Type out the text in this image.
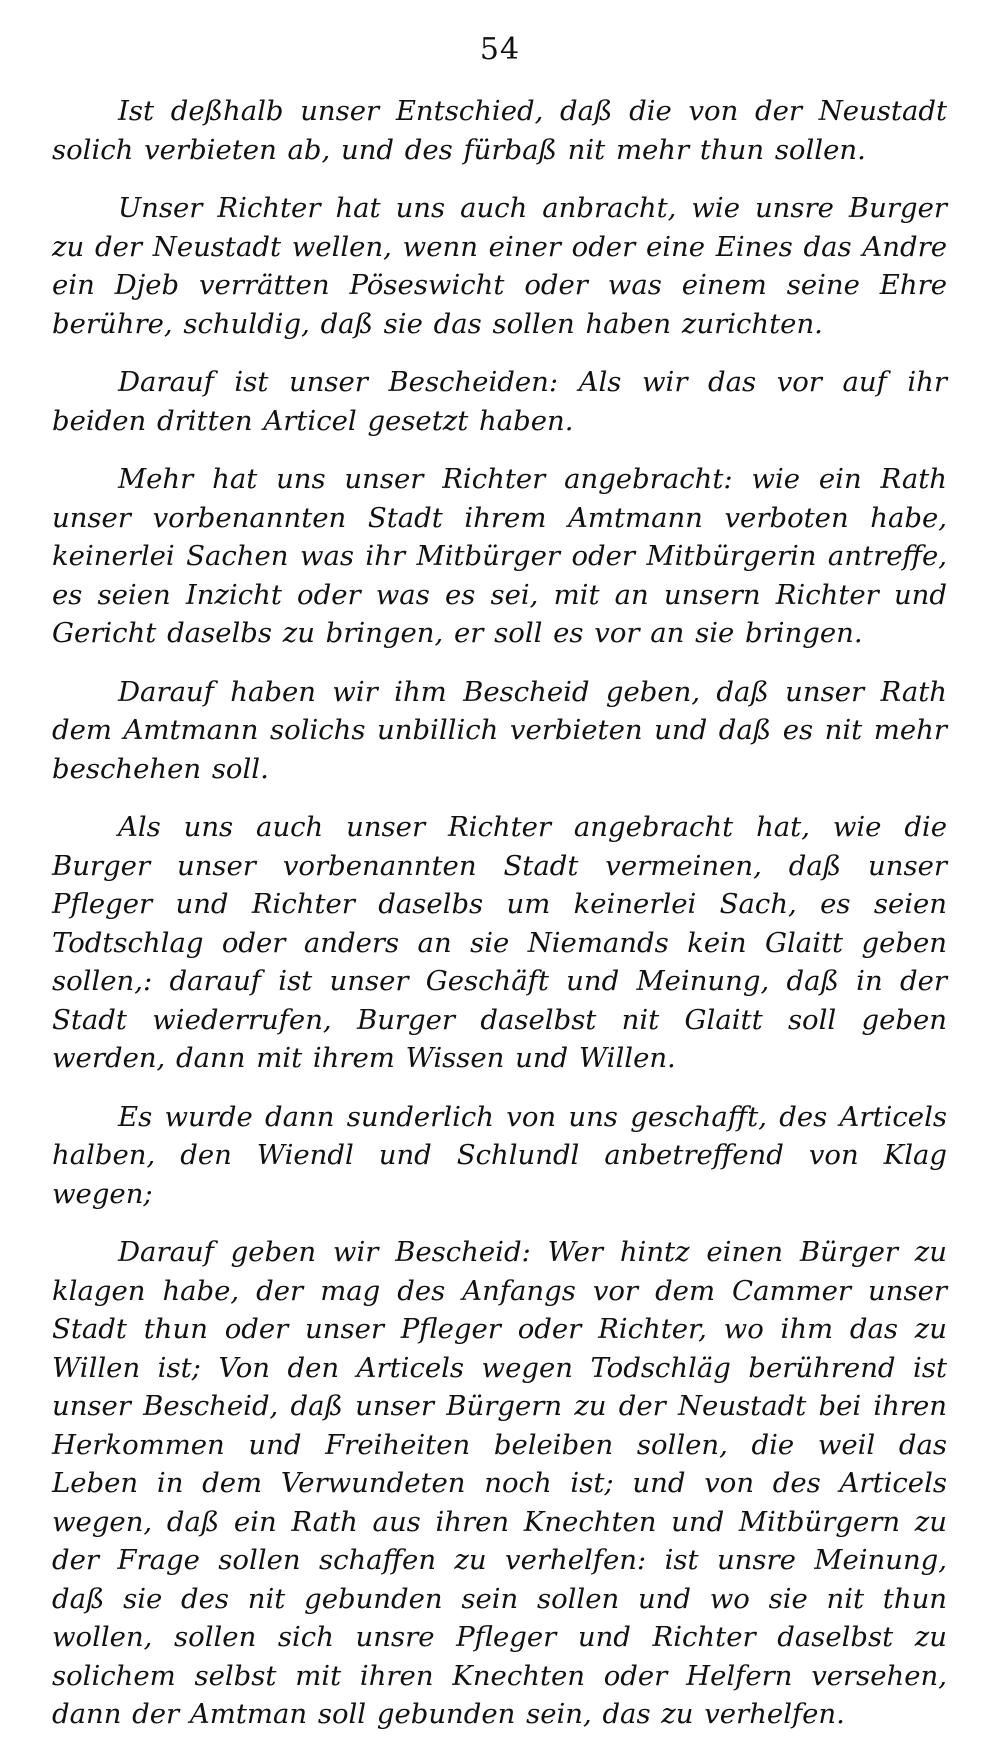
54

Ist deßhalb unser Entschied, daß die von der Neustadt solich verbieten ab, und des fürbaß nit mehr thun sollen.

Unser Richter hat uns auch anbracht, wie unsre Burger zu der Neustadt wellen, wenn einer oder eine Eines das Andre ein Djeb verrätten Pöseswicht oder was einem seine Ehre berühre, schuldig, daß sie das sollen haben zurichten.

Darauf ist unser Bescheiden: Als wir das vor auf ihr beiden dritten Articel gesetzt haben.

Mehr hat uns unser Richter angebracht: wie ein Rath unser vorbenannten Stadt ihrem Amtmann verboten habe, keinerlei Sachen was ihr Mitbürger oder Mitbürgerin antreffe, es seien Inzicht oder was es sei, mit an unsern Richter und Gericht daselbs zu bringen, er soll es vor an sie bringen.

Darauf haben wir ihm Bescheid geben, daß unser Rath dem Amtmann solichs unbillich verbieten und daß es nit mehr beschehen soll.

Als uns auch unser Richter angebracht hat, wie die Burger unser vorbenannten Stadt vermeinen, daß unser Pfleger und Richter daselbs um keinerlei Sach, es seien Todtschlag oder anders an sie Niemands kein Glaitt geben sollen,: darauf ist unser Geschäft und Meinung, daß in der Stadt wiederrufen, Burger daselbst nit Glaitt soll geben werden, dann mit ihrem Wissen und Willen.

Es wurde dann sunderlich von uns geschafft, des Articels halben, den Wiendl und Schlundl anbetreffend von Klag wegen;

Darauf geben wir Bescheid: Wer hintz einen Bürger zu klagen habe, der mag des Anfangs vor dem Cammer unser Stadt thun oder unser Pfleger oder Richter, wo ihm das zu Willen ist; Von den Articels wegen Todschläg berührend ist unser Bescheid, daß unser Bürgern zu der Neustadt bei ihren Herkommen und Freiheiten beleiben sollen, die weil das Leben in dem Verwundeten noch ist; und von des Articels wegen, daß ein Rath aus ihren Knechten und Mitbürgern zu der Frage sollen schaffen zu verhelfen: ist unsre Meinung, daß sie des nit gebunden sein sollen und wo sie nit thun wollen, sollen sich unsre Pfleger und Richter daselbst zu solichem selbst mit ihren Knechten oder Helfern versehen, dann der Amtman soll gebunden sein, das zu verhelfen.
